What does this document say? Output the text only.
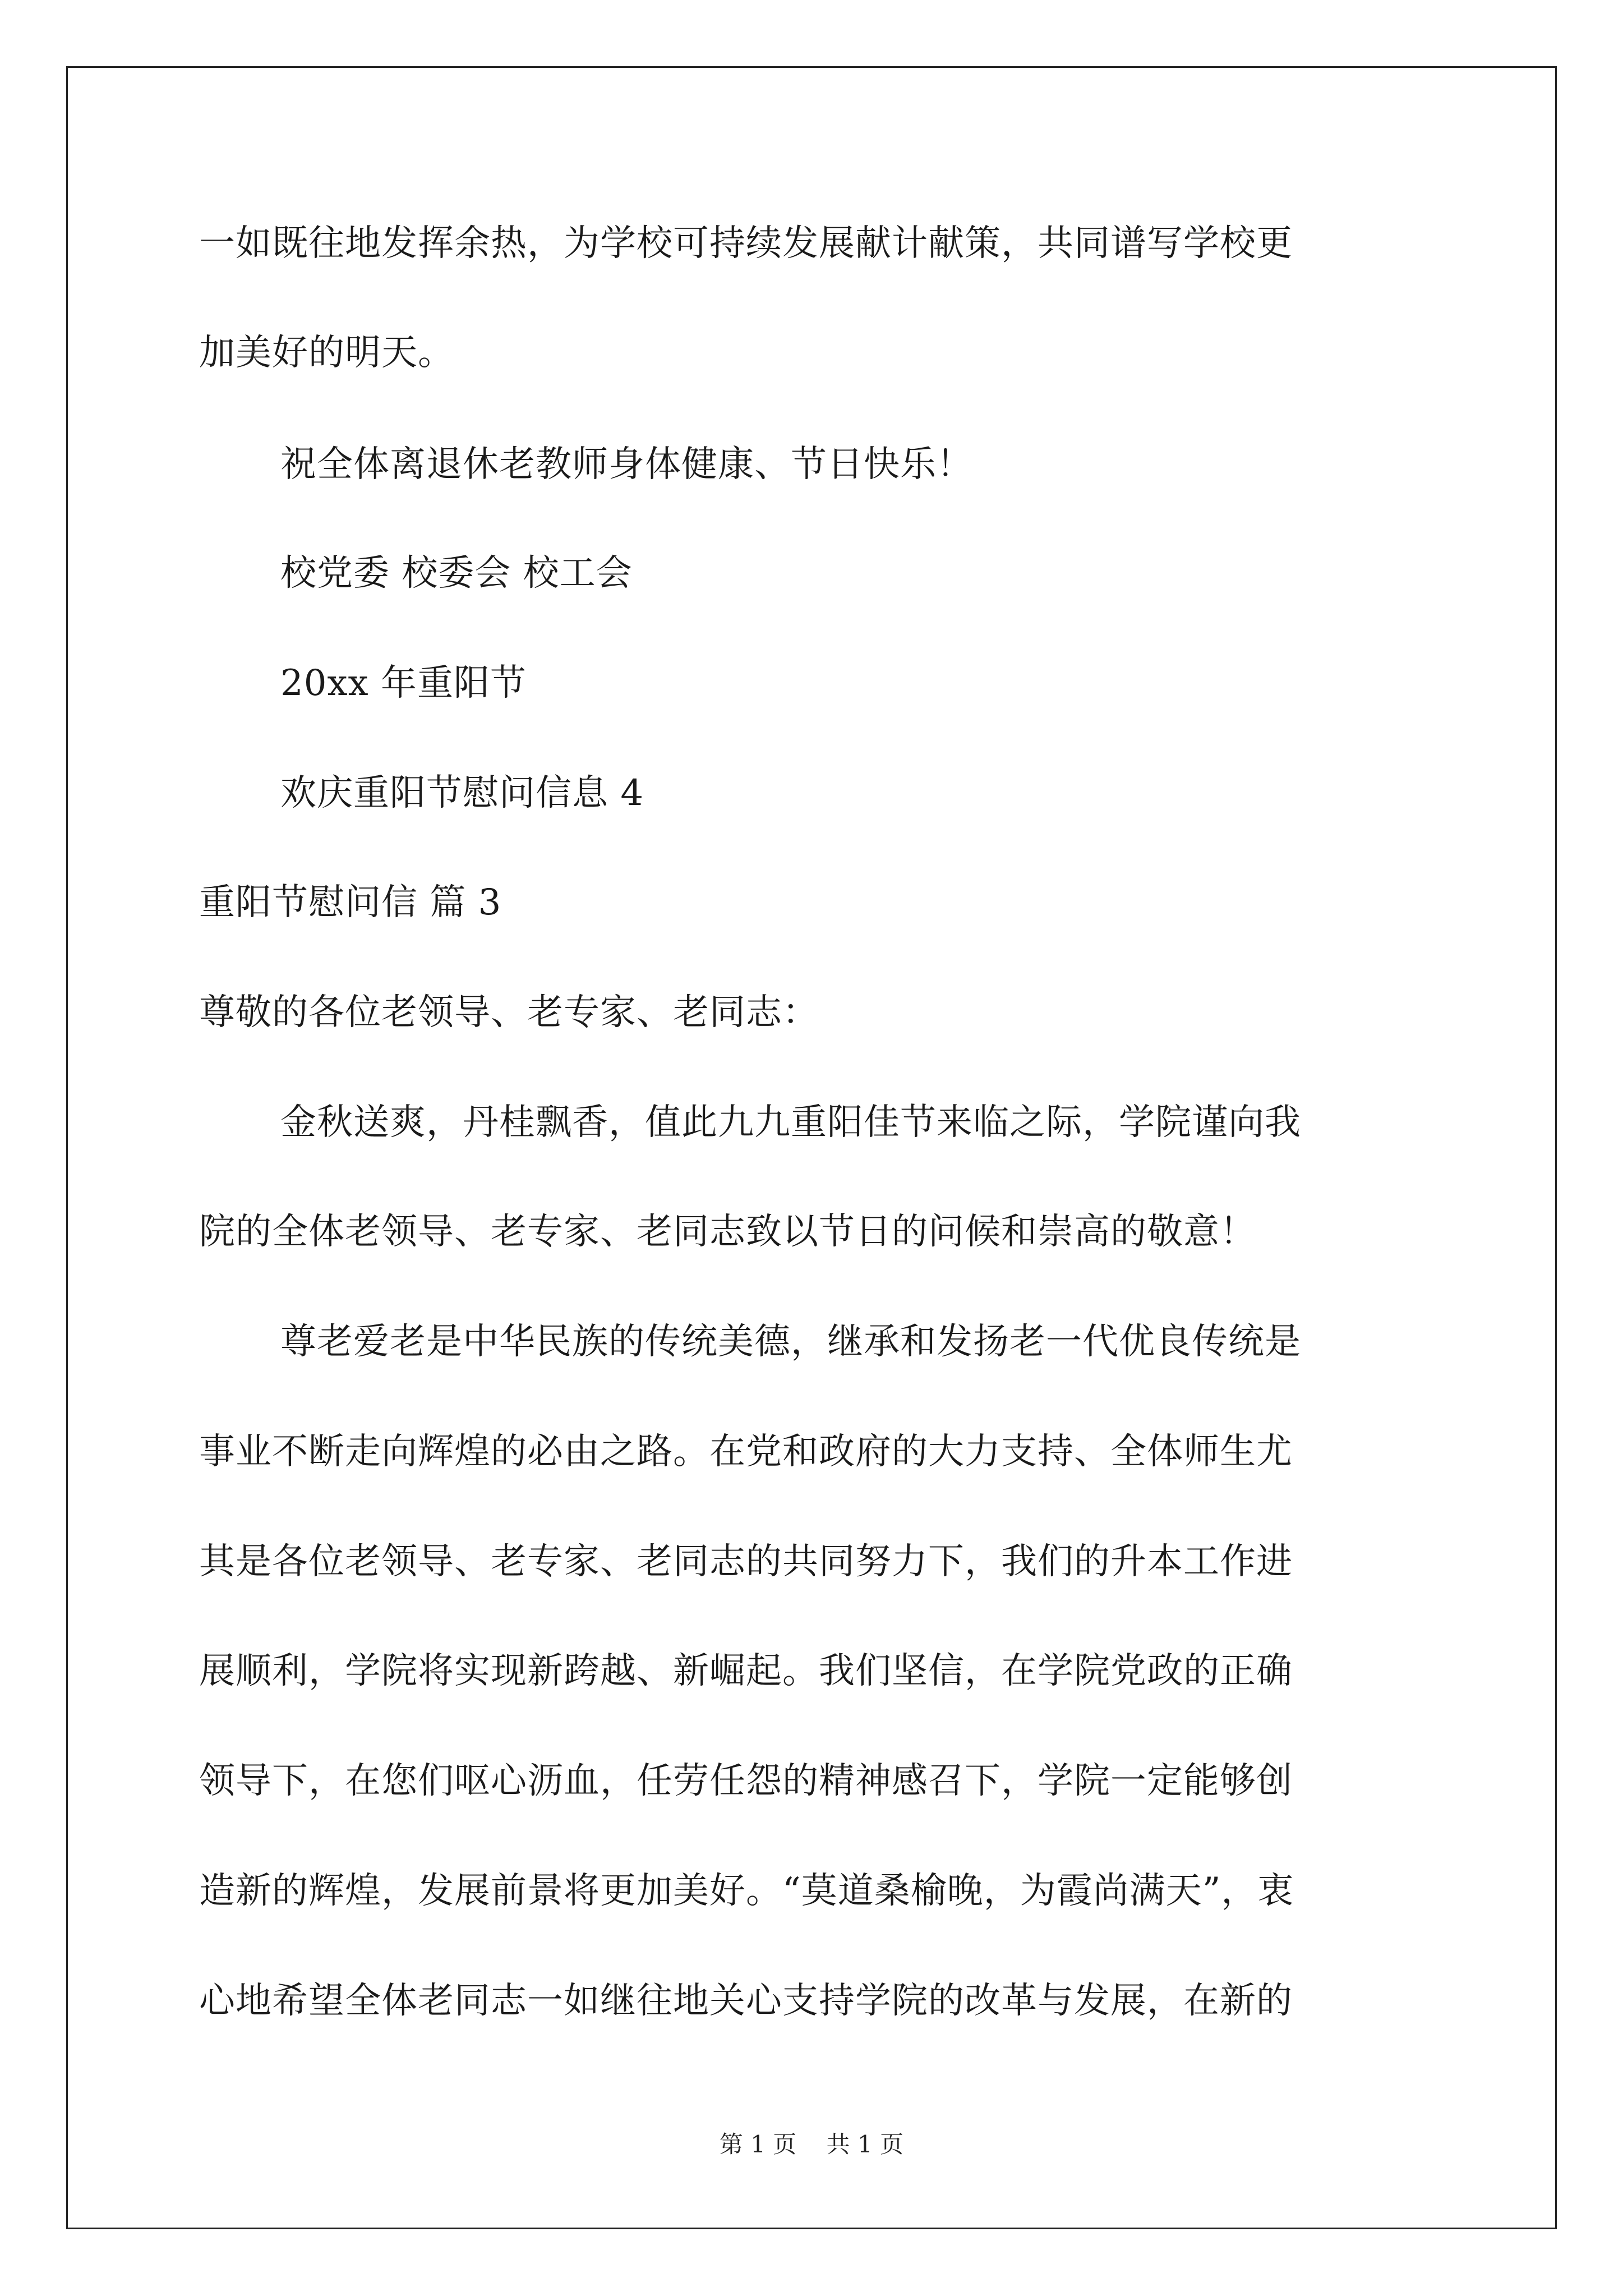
一如既往地发挥余热，为学校可持续发展献计献策，共同谱写学校更
加美好的明天。
祝全体离退休老教师身体健康、节日快乐！
校党委 校委会 校工会
20xx 年重阳节
欢庆重阳节慰问信息 4
重阳节慰问信 篇 3
尊敬的各位老领导、老专家、老同志：
金秋送爽，丹桂飘香，值此九九重阳佳节来临之际，学院谨向我
院的全体老领导、老专家、老同志致以节日的问候和崇高的敬意！
尊老爱老是中华民族的传统美德，继承和发扬老一代优良传统是
事业不断走向辉煌的必由之路。在党和政府的大力支持、全体师生尤
其是各位老领导、老专家、老同志的共同努力下，我们的升本工作进
展顺利，学院将实现新跨越、新崛起。我们坚信，在学院党政的正确
领导下，在您们呕心沥血，任劳任怨的精神感召下，学院一定能够创
造新的辉煌，发展前景将更加美好。“莫道桑榆晚，为霞尚满天”，衷
心地希望全体老同志一如继往地关心支持学院的改革与发展，在新的
第 1 页 共 1 页
